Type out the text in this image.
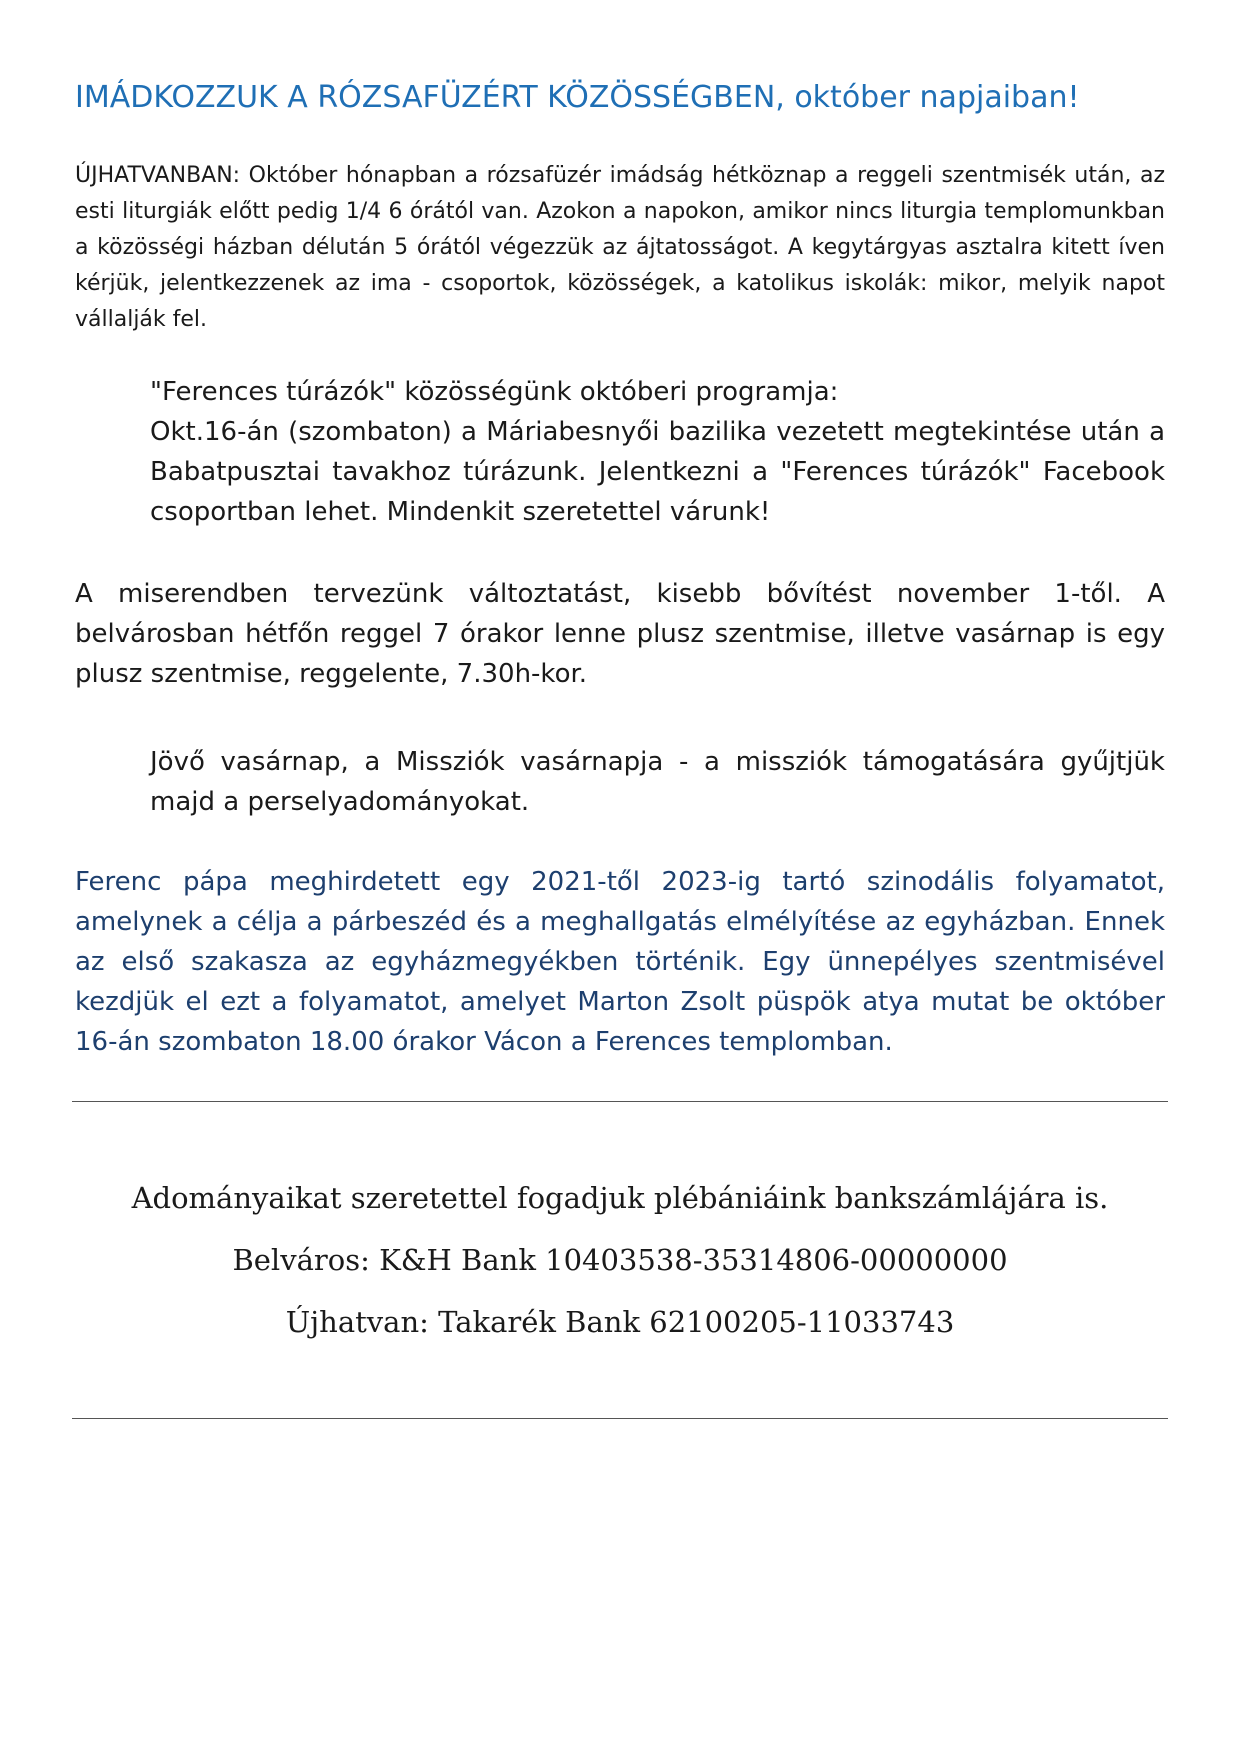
IMÁDKOZZUK A RÓZSAFÜZÉRT KÖZÖSSÉGBEN, október napjaiban!
ÚJHATVANBAN: Október hónapban a rózsafüzér imádság hétköznap a reggeli szentmisék után, az esti liturgiák előtt pedig 1/4 6 órától van. Azokon a napokon, amikor nincs liturgia templomunkban a közösségi házban délután 5 órától végezzük az ájtatosságot. A kegytárgyas asztalra kitett íven kérjük, jelentkezzenek az ima - csoportok, közösségek, a katolikus iskolák: mikor, melyik napot vállalják fel.
"Ferences túrázók" közösségünk októberi programja:
Okt.16-án (szombaton) a Máriabesnyői bazilika vezetett megtekintése után a Babatpusztai tavakhoz túrázunk. Jelentkezni a "Ferences túrázók" Facebook csoportban lehet. Mindenkit szeretettel várunk!
A miserendben tervezünk változtatást, kisebb bővítést november 1-től. A belvárosban hétfőn reggel 7 órakor lenne plusz szentmise, illetve vasárnap is egy plusz szentmise, reggelente, 7.30h-kor.
Jövő vasárnap, a Missziók vasárnapja - a missziók támogatására gyűjtjük majd a perselyadományokat.
Ferenc pápa meghirdetett egy 2021-től 2023-ig tartó szinodális folyamatot, amelynek a célja a párbeszéd és a meghallgatás elmélyítése az egyházban. Ennek az első szakasza az egyházmegyékben történik. Egy ünnepélyes szentmisével kezdjük el ezt a folyamatot, amelyet Marton Zsolt püspök atya mutat be október 16-án szombaton 18.00 órakor Vácon a Ferences templomban.
Adományaikat szeretettel fogadjuk plébániáink bankszámlájára is.
Belváros: K&H Bank 10403538-35314806-00000000
Újhatvan: Takarék Bank 62100205-11033743
